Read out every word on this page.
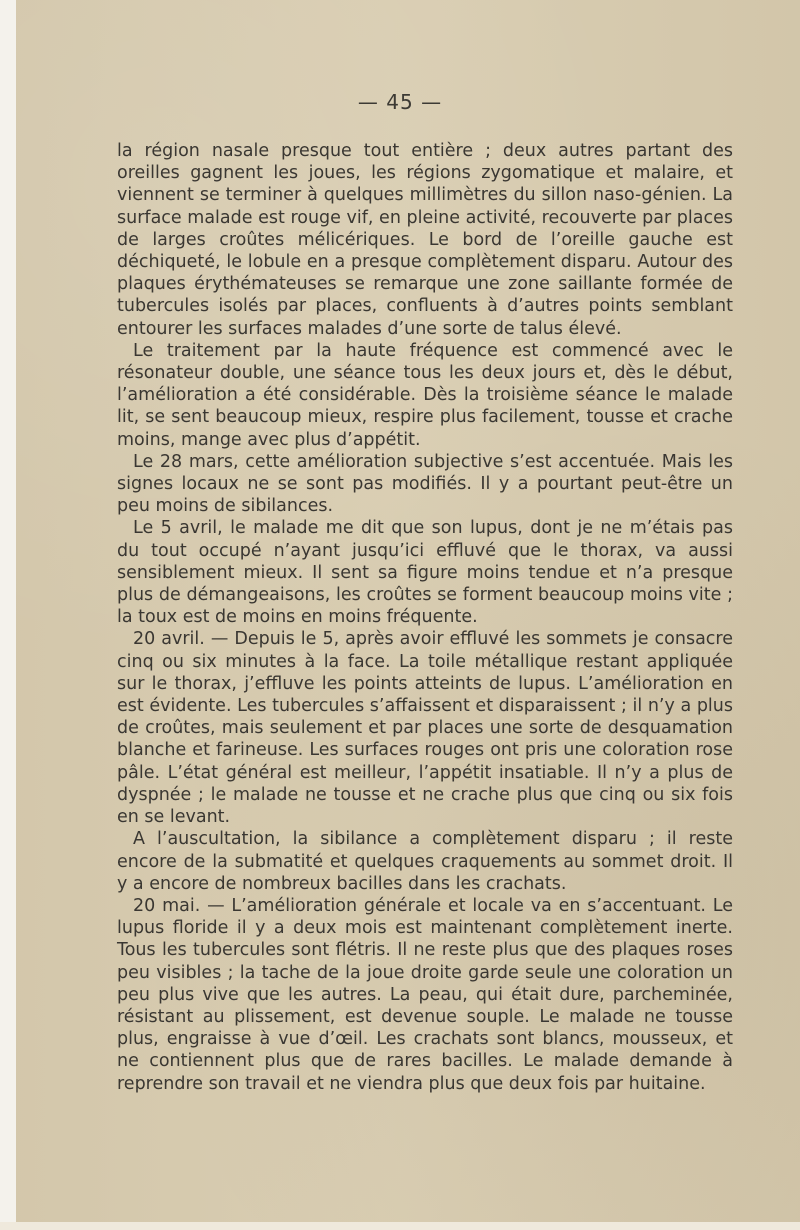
— 45 —

la région nasale presque tout entière ; deux autres partant des oreilles gagnent les joues, les régions zygomatique et malaire, et viennent se terminer à quelques millimètres du sillon naso-génien. La surface malade est rouge vif, en pleine activité, recouverte par places de larges croûtes mélicériques. Le bord de l’oreille gauche est déchiqueté, le lobule en a presque complètement disparu. Autour des plaques érythémateuses se remarque une zone saillante formée de tubercules isolés par places, confluents à d’autres points semblant entourer les surfaces malades d’une sorte de talus élevé.

Le traitement par la haute fréquence est commencé avec le résonateur double, une séance tous les deux jours et, dès le début, l’amélioration a été considérable. Dès la troisième séance le malade lit, se sent beaucoup mieux, respire plus facilement, tousse et crache moins, mange avec plus d’appétit.

Le 28 mars, cette amélioration subjective s’est accentuée. Mais les signes locaux ne se sont pas modifiés. Il y a pourtant peut-être un peu moins de sibilances.

Le 5 avril, le malade me dit que son lupus, dont je ne m’étais pas du tout occupé n’ayant jusqu’ici effluvé que le thorax, va aussi sensiblement mieux. Il sent sa figure moins tendue et n’a presque plus de démangeaisons, les croûtes se forment beaucoup moins vite ; la toux est de moins en moins fréquente.

20 avril. — Depuis le 5, après avoir effluvé les sommets je consacre cinq ou six minutes à la face. La toile métallique restant appliquée sur le thorax, j’effluve les points atteints de lupus. L’amélioration en est évidente. Les tubercules s’affaissent et disparaissent ; il n’y a plus de croûtes, mais seulement et par places une sorte de desquamation blanche et farineuse. Les surfaces rouges ont pris une coloration rose pâle. L’état général est meilleur, l’appétit insatiable. Il n’y a plus de dyspnée ; le malade ne tousse et ne crache plus que cinq ou six fois en se levant.

A l’auscultation, la sibilance a complètement disparu ; il reste encore de la submatité et quelques craquements au sommet droit. Il y a encore de nombreux bacilles dans les crachats.

20 mai. — L’amélioration générale et locale va en s’accentuant. Le lupus floride il y a deux mois est maintenant complètement inerte. Tous les tubercules sont flétris. Il ne reste plus que des plaques roses peu visibles ; la tache de la joue droite garde seule une coloration un peu plus vive que les autres. La peau, qui était dure, parcheminée, résistant au plissement, est devenue souple. Le malade ne tousse plus, engraisse à vue d’œil. Les crachats sont blancs, mousseux, et ne contiennent plus que de rares bacilles. Le malade demande à reprendre son travail et ne viendra plus que deux fois par huitaine.
